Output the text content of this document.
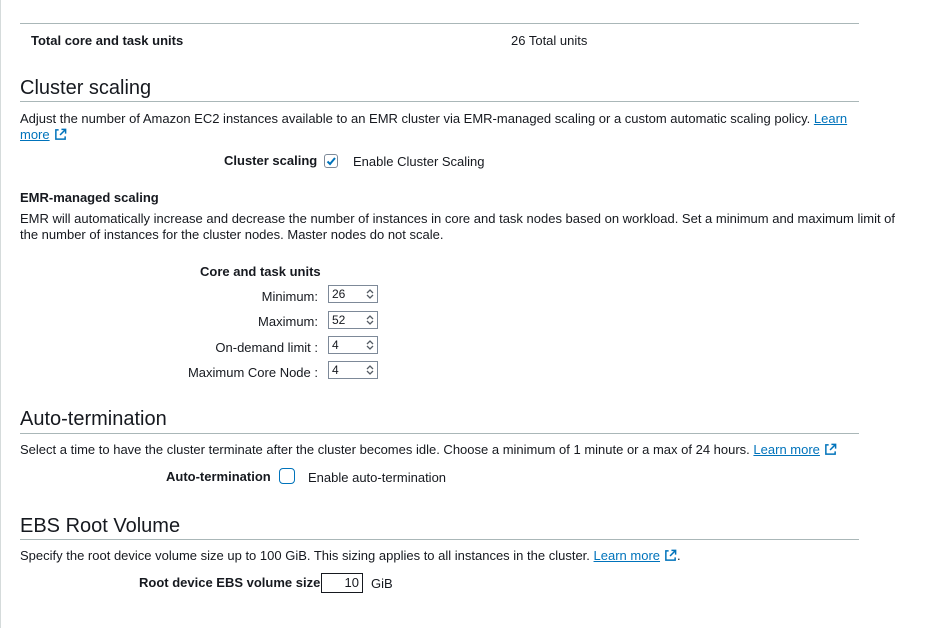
Total core and task units	26 Total units
Cluster scaling
Adjust the number of Amazon EC2 instances available to an EMR cluster via EMR-managed scaling or a custom automatic scaling policy. Learn more
Cluster scaling	Enable Cluster Scaling
EMR-managed scaling
EMR will automatically increase and decrease the number of instances in core and task nodes based on workload. Set a minimum and maximum limit of the number of instances for the cluster nodes. Master nodes do not scale.
Core and task units
Minimum: 26
Maximum: 52
On-demand limit : 4
Maximum Core Node : 4
Auto-termination
Select a time to have the cluster terminate after the cluster becomes idle. Choose a minimum of 1 minute or a max of 24 hours. Learn more
Auto-termination	Enable auto-termination
EBS Root Volume
Specify the root device volume size up to 100 GiB. This sizing applies to all instances in the cluster. Learn more .
Root device EBS volume size	10 GiB
